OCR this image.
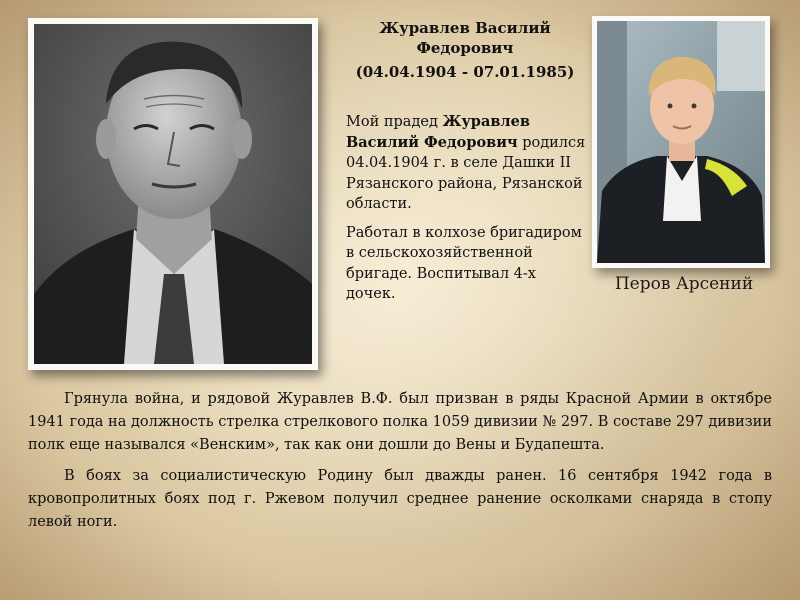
Журавлев Василий Федорович
(04.04.1904 - 07.01.1985)

Мой прадед Журавлев Василий Федорович родился 04.04.1904 г. в селе Дашки II Рязанского района, Рязанской области.

Работал в колхозе бригадиром в сельскохозяйственной бригаде. Воспитывал 4-х дочек.	Перов Арсений

Грянула война, и рядовой Журавлев В.Ф. был призван в ряды Красной Армии в октябре 1941 года на должность стрелка стрелкового полка 1059 дивизии № 297. В составе 297 дивизии полк еще назывался «Венским», так как они дошли до Вены и Будапешта.

В боях за социалистическую Родину был дважды ранен. 16 сентября 1942 года в кровопролитных боях под г. Ржевом получил среднее ранение осколками снаряда в стопу левой ноги.
